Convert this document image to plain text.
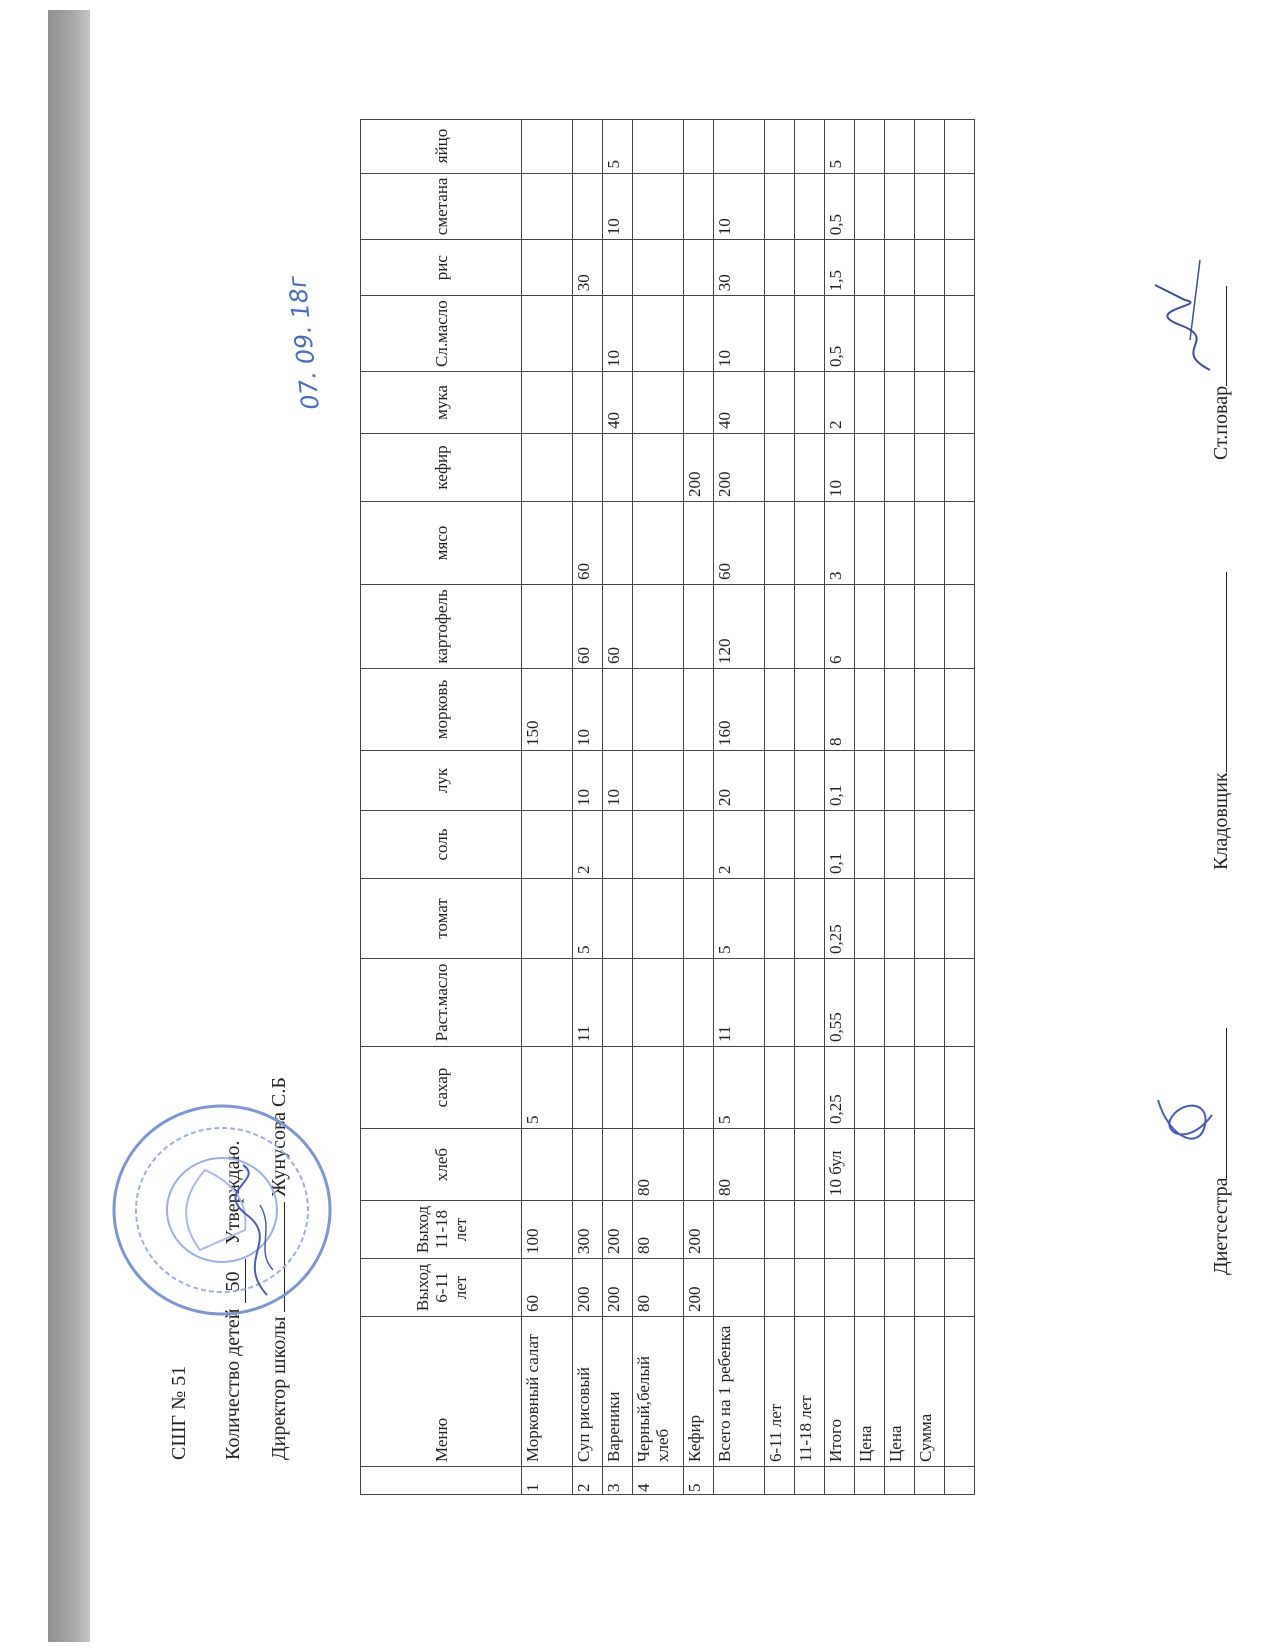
СШГ № 51 Количество детей 50   Утверждаю.
Директор школы  Жунусова С.Б
07. 09. 18г
	Меню	Выход 6-11 лет	Выход 11-18 лет	хлеб	сахар	Раст.масло	томат	соль	лук	морковь	картофель	мясо	кефир	мука	Сл.масло	рис	сметана	яйцо
1	Морковный салат	60	100		5					150								
2	Суп рисовый	200	300			11	5	2	10	10	60	60				30		
3	Вареники	200	200						10		60			40	10		10	5
4	Черный,белый хлеб	80	80	80														
5	Кефир	200	200										200					
	Всего на 1 ребенка			80	5	11	5	2	20	160	120	60	200	40	10	30	10	
	6-11 лет																	
	11-18 лет																	
	Итого			10 бул	0,25	0,55	0,25	0,1	0,1	8	6	3	10	2	0,5	1,5	0,5	5
	Цена																	
	Цена																	
	Сумма																	

Диетсестра
Кладовщик
Ст.повар
